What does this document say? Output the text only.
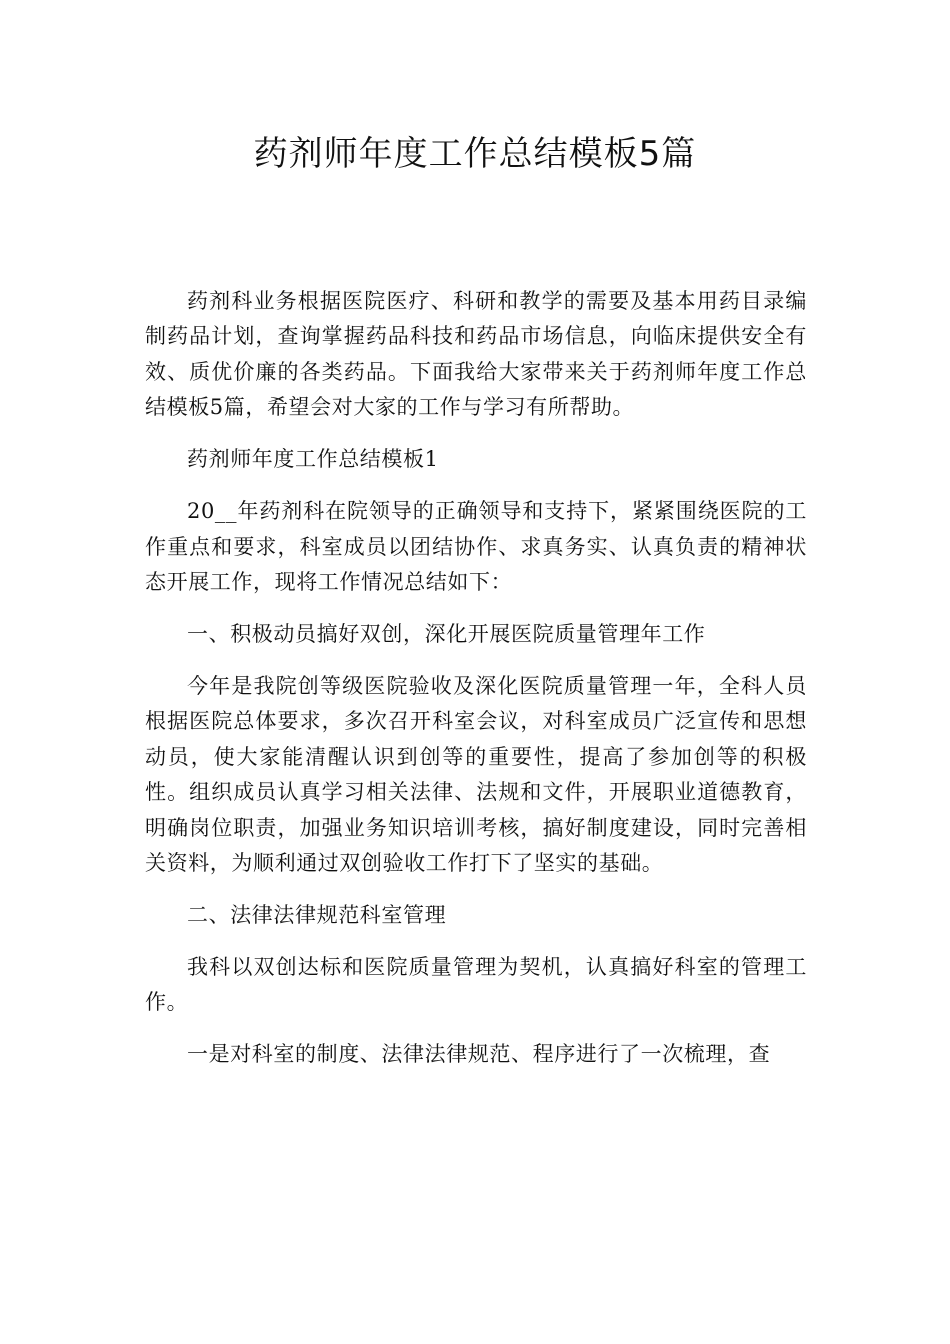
药剂师年度工作总结模板5篇

药剂科业务根据医院医疗、科研和教学的需要及基本用药目录编制药品计划，查询掌握药品科技和药品市场信息，向临床提供安全有效、质优价廉的各类药品。下面我给大家带来关于药剂师年度工作总结模板5篇，希望会对大家的工作与学习有所帮助。

药剂师年度工作总结模板1

20__年药剂科在院领导的正确领导和支持下，紧紧围绕医院的工作重点和要求，科室成员以团结协作、求真务实、认真负责的精神状态开展工作，现将工作情况总结如下：

一、积极动员搞好双创，深化开展医院质量管理年工作

今年是我院创等级医院验收及深化医院质量管理一年，全科人员根据医院总体要求，多次召开科室会议，对科室成员广泛宣传和思想动员，使大家能清醒认识到创等的重要性，提高了参加创等的积极性。组织成员认真学习相关法律、法规和文件，开展职业道德教育，明确岗位职责，加强业务知识培训考核，搞好制度建设，同时完善相关资料，为顺利通过双创验收工作打下了坚实的基础。

二、法律法律规范科室管理

我科以双创达标和医院质量管理为契机，认真搞好科室的管理工作。

一是对科室的制度、法律法律规范、程序进行了一次梳理，查
